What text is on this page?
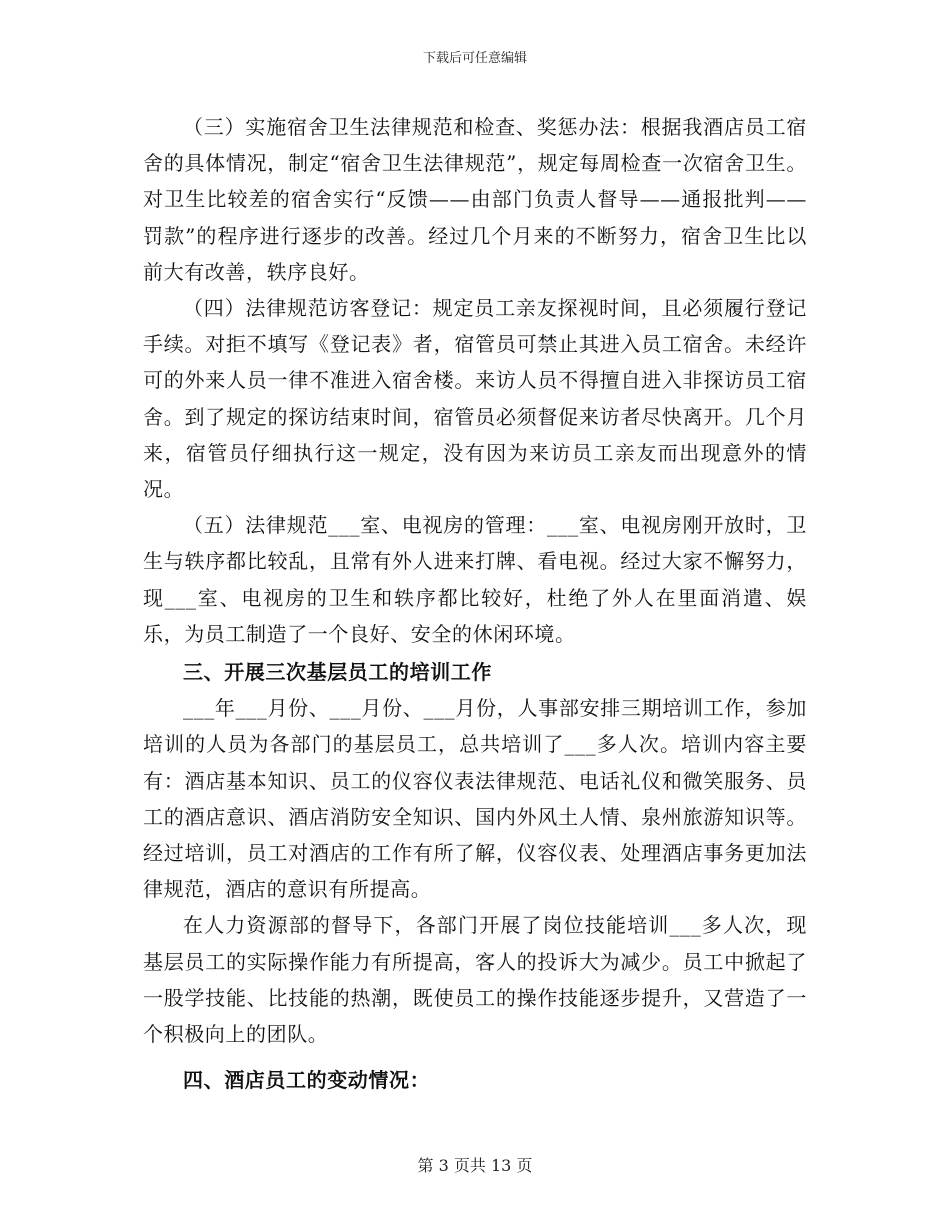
下载后可任意编辑

（三）实施宿舍卫生法律规范和检查、奖惩办法：根据我酒店员工宿舍的具体情况，制定“宿舍卫生法律规范”，规定每周检查一次宿舍卫生。对卫生比较差的宿舍实行“反馈——由部门负责人督导——通报批判——罚款”的程序进行逐步的改善。经过几个月来的不断努力，宿舍卫生比以前大有改善，轶序良好。

（四）法律规范访客登记：规定员工亲友探视时间，且必须履行登记手续。对拒不填写《登记表》者，宿管员可禁止其进入员工宿舍。未经许可的外来人员一律不准进入宿舍楼。来访人员不得擅自进入非探访员工宿舍。到了规定的探访结束时间，宿管员必须督促来访者尽快离开。几个月来，宿管员仔细执行这一规定，没有因为来访员工亲友而出现意外的情况。

（五）法律规范___室、电视房的管理：___室、电视房刚开放时，卫生与轶序都比较乱，且常有外人进来打牌、看电视。经过大家不懈努力，现___室、电视房的卫生和轶序都比较好，杜绝了外人在里面消遣、娱乐，为员工制造了一个良好、安全的休闲环境。

三、开展三次基层员工的培训工作

___年___月份、___月份、___月份，人事部安排三期培训工作，参加培训的人员为各部门的基层员工，总共培训了___多人次。培训内容主要有：酒店基本知识、员工的仪容仪表法律规范、电话礼仪和微笑服务、员工的酒店意识、酒店消防安全知识、国内外风土人情、泉州旅游知识等。经过培训，员工对酒店的工作有所了解，仪容仪表、处理酒店事务更加法律规范，酒店的意识有所提高。

在人力资源部的督导下，各部门开展了岗位技能培训___多人次，现基层员工的实际操作能力有所提高，客人的投诉大为减少。员工中掀起了一股学技能、比技能的热潮，既使员工的操作技能逐步提升，又营造了一个积极向上的团队。

四、酒店员工的变动情况：
第 3 页共 13 页
